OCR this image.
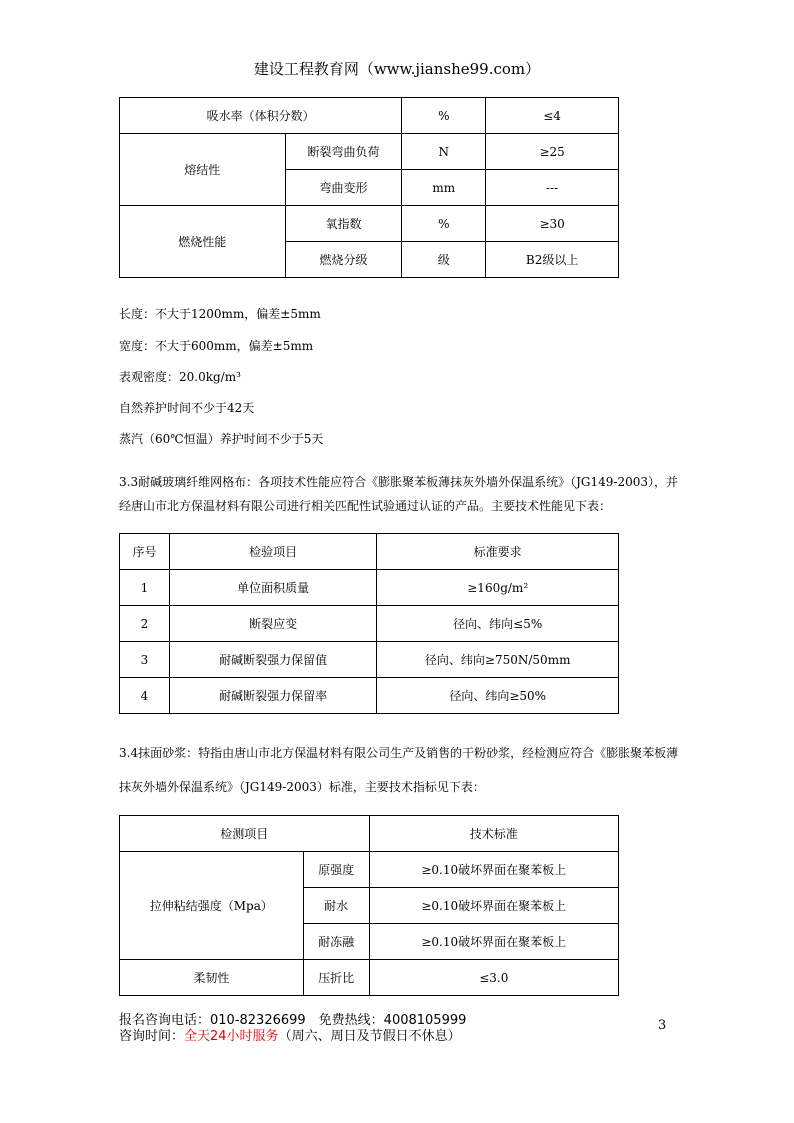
建设工程教育网（www.jianshe99.com）
吸水率（体积分数）		%	≤4
熔结性	断裂弯曲负荷	N	≥25
	弯曲变形	mm	---
燃烧性能	氧指数	%	≥30
	燃烧分级	级	B2级以上
长度：不大于1200mm，偏差±5mm
宽度：不大于600mm，偏差±5mm
表观密度：20.0kg/m³
自然养护时间不少于42天
蒸汽（60℃恒温）养护时间不少于5天
3.3耐碱玻璃纤维网格布：各项技术性能应符合《膨胀聚苯板薄抹灰外墙外保温系统》（JG149-2003），并经唐山市北方保温材料有限公司进行相关匹配性试验通过认证的产品。主要技术性能见下表：
序号	检验项目	标准要求
1	单位面积质量	≥160g/m²
2	断裂应变	径向、纬向≤5%
3	耐碱断裂强力保留值	径向、纬向≥750N/50mm
4	耐碱断裂强力保留率	径向、纬向≥50%
3.4抹面砂浆：特指由唐山市北方保温材料有限公司生产及销售的干粉砂浆，经检测应符合《膨胀聚苯板薄抹灰外墙外保温系统》（JG149-2003）标准，主要技术指标见下表：
检测项目		技术标准
拉伸粘结强度（Mpa）	原强度	≥0.10破坏界面在聚苯板上
	耐水	≥0.10破坏界面在聚苯板上
	耐冻融	≥0.10破坏界面在聚苯板上
柔韧性	压折比	≤3.0
报名咨询电话：010-82326699　免费热线：4008105999
咨询时间：全天24小时服务（周六、周日及节假日不休息）
3
